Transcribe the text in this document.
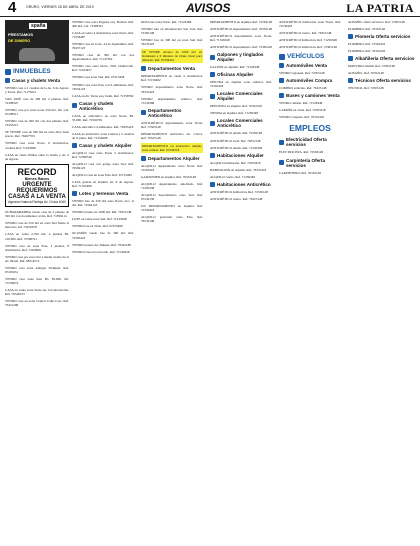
4	ORURO, VIERNES 26 DE ABRIL DE 2019	AVISOS	LA PATRIA
spaña
PRESTAMOS
DE DINERO
INMUEBLES
Casas y chalets Venta
VENDO casa a 2 cuadras de la Av. 6 de Agosto y Tacna. Ref. 71179221
SAN JOSÉ casa de 300 m2 2 plantas. Ref. 72398347
VENDO casa por zona norte 250 m2. Inf. Cel. 67208311
VENDO casa de 300 m2 con dos plantas. Ref. 72453215
SE VENDE casa de 360 m2 en zona Sud, buen precio. Ref. 76467793
VENDO casa zona Norte, 6 dormitorios, cochera Ref. 71245698
CASA en venta Oblitas entre la banda y Av. 6 de Agosto.
RECORD
Bienes Raíces
URGENTE REQUERIMOS CASAS A LA VENTA
Agencia Huanca Pantoja Av. Cívica 4040
OCHARABAMBA vendo casa de 2 plantas de 320 m2 con documentos al día. Ref. 71856214
VENDO casa de 250 m2 en zona Sud frente al mercado. Inf. 73256478
CASA en venta 2,700 m2, 4 plantas Bs. 120,000. Ref. 72598741
VENDO casa en zona Este, 3 plantas, 8 dormitorios. Ref. 72458961
VENDO casa por zona Sur a media cuadra de la Av. Brasil. Ref. 68314572
VENDO casa zona Antigua Terminal. Ref. 67203451
VENDO casa zona Sud, Bs. 85,000. Inf. 71256874
CASA en venta zona Norte Av. Circunvalación. Ref. 76548123
VENDO casa en zona Central Calle Caro. Ref. 73451298
VENDO casa zona Pagador esq. Bolívar. Ref. 400 m2. Cel. 72398341
CASA en venta 4 dormitorios zona Norte. Ref. 71256487
VENDO casa en la Av. 24 de Septiembre. Ref. 76457123
VENDO casa de 360 m2 con dos departamentos. Ref. 71147362
VENDO casa zona Norte, Villa Challacollo. Ref. 72103457
VENDO casa zona Sud. Ref. 67213458
VENDO casa zona Este con 6 ambientes. Ref. 72654123
CASA en Av. Tacna esq. Junín. Ref. 71358794
Casas y chalets Anticrético
CASA en anticrético en zona Norte, Bs. 35,000. Ref. 72564781
CASA anticrético 4 ambientes. Ref. 76325418
CASA en anticrético zona Central a 2 cuadras de la plaza. Ref. 71254698
Casas y chalets Alquiler
ALQUILO casa zona Norte 3 dormitorios. Ref. 72598746
ALQUILO casa con garaje zona Sud. Ref. 76584123
ALQUILO casa en zona Este. Ref. 67135482
CASA grande en alquiler Av. 6 de Agosto. Ref. 71325489
Lotes y terrenos Venta
VENDO lote de 250 m2 zona Norte, doc. al día. Ref. 72564123
VENDO terreno de 1000 m2. Ref. 76351248
LOTE en venta zona Sud. Ref. 71235648
VENDO lote en Vinto. Ref. 67325489
OCASIÓN vendo lote de 360 m2. Ref. 72365418
VENDO terreno Av. Dehene. Ref. 76542189
VENDO lotes en Caracollo. Ref. 71546328
DOS lotes zona Norte. Ref. 71524368
VENDO lote en urbanización San José. Ref. 72365148
VENDO lote de 300 m2 en zona Sud. Ref. 76235418
SE VENDE terreno de 1000 m2 en Karahuasi a 6 minutos de Oruro ideal para almacén. Ref. 67256431
Departamentos Venta
DEPARTAMENTO en venta 3 dormitorios. Ref. 72156482
VENDO departamento zona Norte. Ref. 76352418
VENDO departamento céntrico. Ref. 71254368
Departamentos Anticrético
ANTICRÉTICO departamento zona Norte. Ref. 72563148
DEPARTAMENTO anticrético Av. Cívica. Ref. 76325148
DEPARTAMENTO en anticrético amplio, zona central. Ref. 67234518
Departamentos Alquiler
ALQUILO departamento zona Norte. Ref. 72563418
GARZONIER en alquiler. Ref. 76352148
ALQUILO departamento amoblado. Ref. 71265438
ALQUILO departamento zona Sud. Ref. 67234158
UN DEPARTAMENTO en alquiler. Ref. 72356418
ALQUILO garzonier zona Este. Ref. 76532148
DEPARTAMENTO en alquiler. Ref. 72563148
ANTICRÉTICO departamento. Ref. 76352148
ANTICRÉTICO departamento zona Norte. Ref. 71526348
ANTICRÉTICO departamento. Ref. 72365418
Galpones y tinglados Alquiler
GALPÓN en alquiler. Ref. 71526348
Oficinas Alquiler
OFICINA en alquiler zona céntrica. Ref. 72563418
Locales Comerciales Alquiler
DEPOSITO en alquiler. Ref. 76352418
TIENDA en alquiler. Ref. 71256348
Locales Comerciales Anticrético
ANTICRÉTICO tienda. Ref. 72563148
ANTICRÉTICO local. Ref. 76352148
ANTICRÉTICO tienda. Ref. 71526348
Habitaciones Alquiler
ALQUILO habitación. Ref. 72563418
HABITACIÓN en alquiler. Ref. 76352418
ALQUILO cuarto. Ref. 71256348
Habitaciones Anticrético
ANTICRÉTICO habitación. Ref. 72536148
ANTICRÉTICO cuarto. Ref. 76325148
ANTICRÉTICO habitación zona Norte. Ref. 72536418
ANTICRÉTICO cuarto. Ref. 76352148
ANTICRÉTICO habitación. Ref. 71256348
ANTICRÉTICO habitación. Ref. 72365148
VEHÍCULOS
Automóviles Venta
VENDO vagoneta. Ref. 72563148
Automóviles Compra
COMPRO vehículo. Ref. 76325148
Buses y camiones Venta
VENDO camión. Ref. 71526348
CAMIÓN en venta. Ref. 72563418
VENDO volqueta. Ref. 76352418
EMPLEOS
Electricidad Oferta servicios
ELECTRICISTA. Ref. 72563148
Carpintería Oferta servicios
CARPINTERO. Ref. 76352148
ALBAÑIL oferta servicios. Ref. 72563148
PLOMERO. Ref. 76352148
Plomería Oferta servicios
PLOMERO. Ref. 72563418
PLOMERO. Ref. 76352418
Albañilería Oferta servicios
MAESTRO albañil. Ref. 72563148
ALBAÑIL. Ref. 76352148
Técnicos Oferta servicios
TÉCNICO. Ref. 72563148
